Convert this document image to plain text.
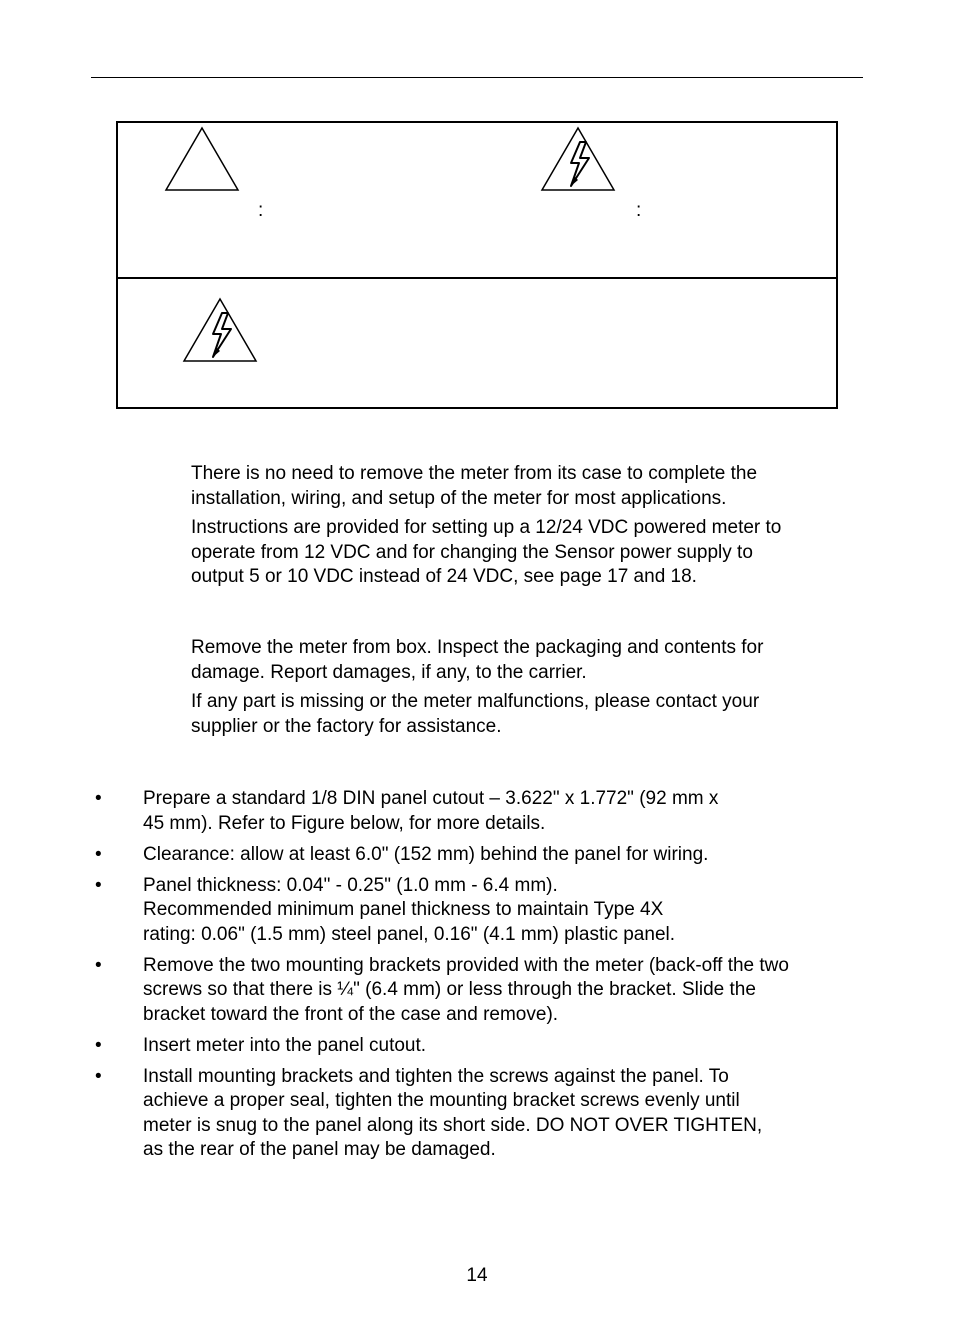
:	:

There is no need to remove the meter from its case to complete the
installation, wiring, and setup of the meter for most applications.

Instructions are provided for setting up a 12/24 VDC powered meter to
operate from 12 VDC and for changing the Sensor power supply to
output 5 or 10 VDC instead of 24 VDC, see page 17 and 18.

Remove the meter from box. Inspect the packaging and contents for
damage. Report damages, if any, to the carrier.

If any part is missing or the meter malfunctions, please contact your
supplier or the factory for assistance.

• Prepare a standard 1/8 DIN panel cutout – 3.622" x 1.772" (92 mm x
45 mm). Refer to Figure below, for more details.
• Clearance: allow at least 6.0" (152 mm) behind the panel for wiring.
• Panel thickness: 0.04" - 0.25" (1.0 mm - 6.4 mm).
Recommended minimum panel thickness to maintain Type 4X
rating: 0.06" (1.5 mm) steel panel, 0.16" (4.1 mm) plastic panel.
• Remove the two mounting brackets provided with the meter (back-off the two
screws so that there is ¼" (6.4 mm) or less through the bracket. Slide the
bracket toward the front of the case and remove).
• Insert meter into the panel cutout.
• Install mounting brackets and tighten the screws against the panel. To
achieve a proper seal, tighten the mounting bracket screws evenly until
meter is snug to the panel along its short side. DO NOT OVER TIGHTEN,
as the rear of the panel may be damaged.
14
